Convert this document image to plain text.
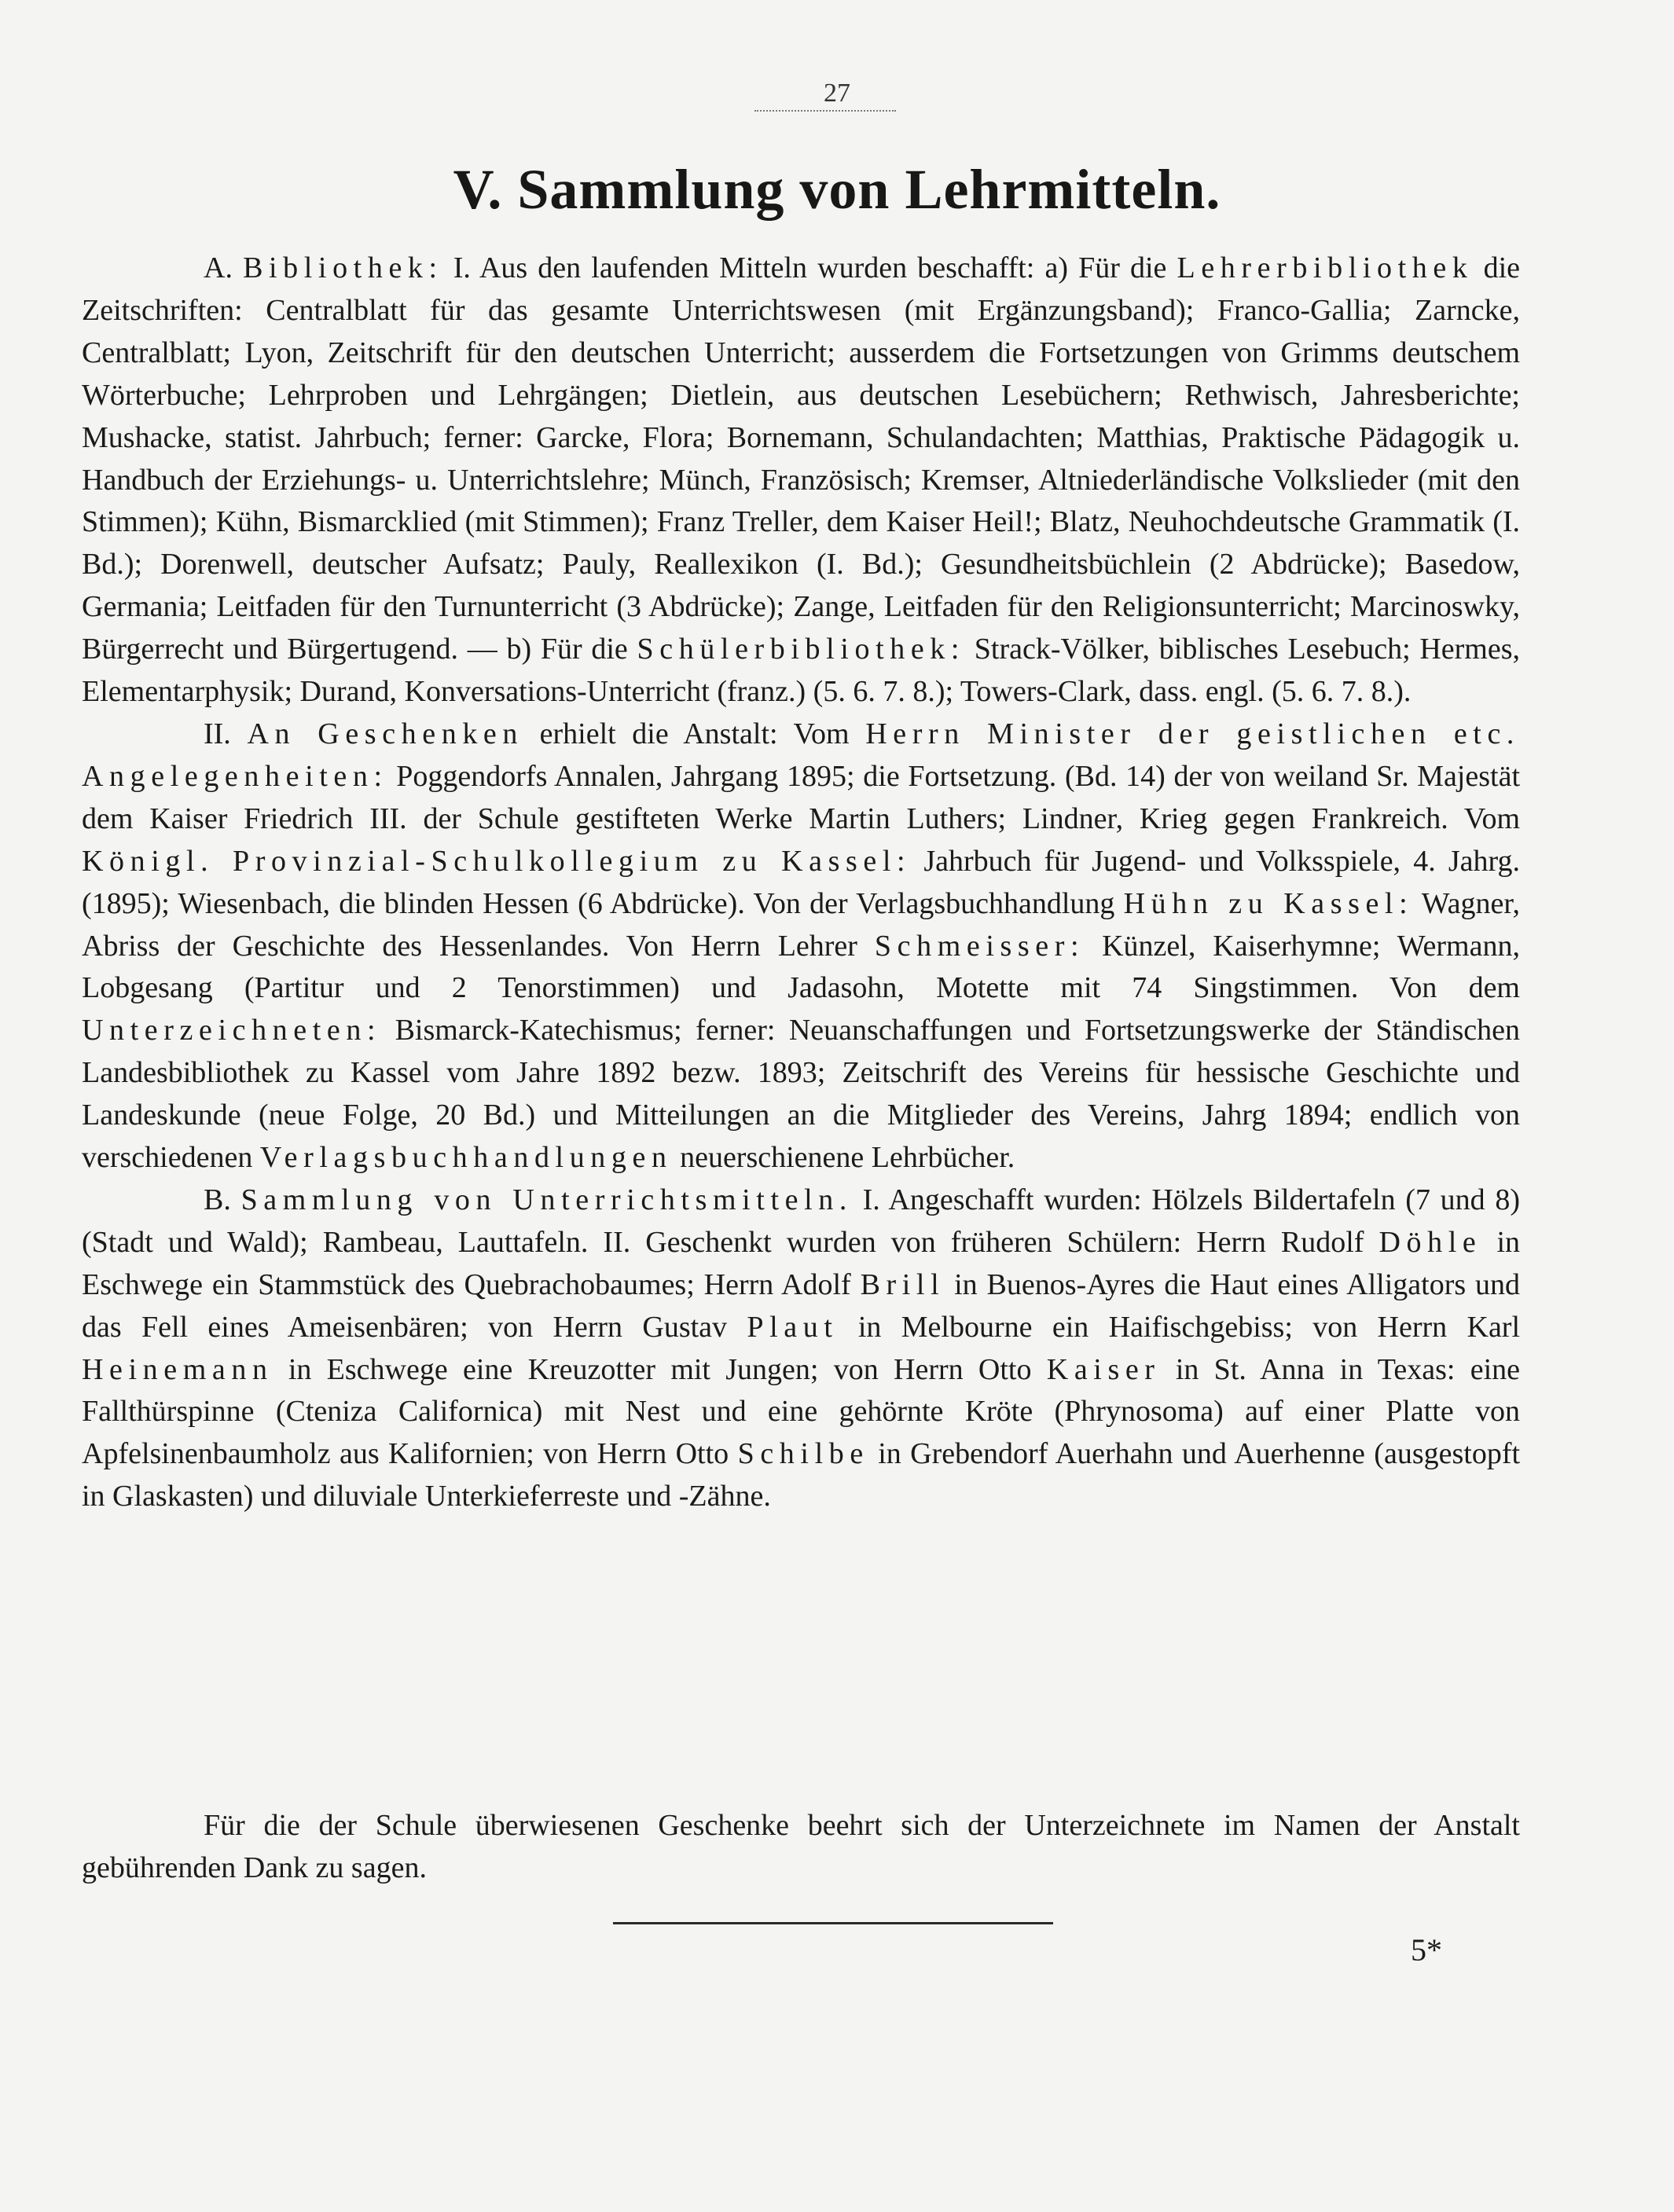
27
V. Sammlung von Lehrmitteln.

A. Bibliothek: I. Aus den laufenden Mitteln wurden beschafft: a) Für die Lehrerbibliothek die Zeitschriften: Centralblatt für das gesamte Unterrichtswesen (mit Ergänzungsband); Franco-Gallia; Zarncke, Centralblatt; Lyon, Zeitschrift für den deutschen Unterricht; ausserdem die Fortsetzungen von Grimms deutschem Wörterbuche; Lehrproben und Lehrgängen; Dietlein, aus deutschen Lesebüchern; Rethwisch, Jahresberichte; Mushacke, statist. Jahrbuch; ferner: Garcke, Flora; Bornemann, Schulandachten; Matthias, Praktische Pädagogik u. Handbuch der Erziehungs- u. Unterrichtslehre; Münch, Französisch; Kremser, Altniederländische Volkslieder (mit den Stimmen); Kühn, Bismarcklied (mit Stimmen); Franz Treller, dem Kaiser Heil!; Blatz, Neuhochdeutsche Grammatik (I. Bd.); Dorenwell, deutscher Aufsatz; Pauly, Reallexikon (I. Bd.); Gesundheitsbüchlein (2 Abdrücke); Basedow, Germania; Leitfaden für den Turnunterricht (3 Abdrücke); Zange, Leitfaden für den Religionsunterricht; Marcinoswky, Bürgerrecht und Bürgertugend. — b) Für die Schülerbibliothek: Strack-Völker, biblisches Lesebuch; Hermes, Elementarphysik; Durand, Konversations-Unterricht (franz.) (5. 6. 7. 8.); Towers-Clark, dass. engl. (5. 6. 7. 8.).

II. An Geschenken erhielt die Anstalt: Vom Herrn Minister der geistlichen etc. Angelegenheiten: Poggendorfs Annalen, Jahrgang 1895; die Fortsetzung. (Bd. 14) der von weiland Sr. Majestät dem Kaiser Friedrich III. der Schule gestifteten Werke Martin Luthers; Lindner, Krieg gegen Frankreich. Vom Königl. Provinzial-Schulkollegium zu Kassel: Jahrbuch für Jugend- und Volksspiele, 4. Jahrg. (1895); Wiesenbach, die blinden Hessen (6 Abdrücke). Von der Verlagsbuchhandlung Hühn zu Kassel: Wagner, Abriss der Geschichte des Hessenlandes. Von Herrn Lehrer Schmeisser: Künzel, Kaiserhymne; Wermann, Lobgesang (Partitur und 2 Tenorstimmen) und Jadasohn, Motette mit 74 Singstimmen. Von dem Unterzeichneten: Bismarck-Katechismus; ferner: Neuanschaffungen und Fortsetzungswerke der Ständischen Landesbibliothek zu Kassel vom Jahre 1892 bezw. 1893; Zeitschrift des Vereins für hessische Geschichte und Landeskunde (neue Folge, 20 Bd.) und Mitteilungen an die Mitglieder des Vereins, Jahrg 1894; endlich von verschiedenen Verlagsbuchhandlungen neuerschienene Lehrbücher.

B. Sammlung von Unterrichtsmitteln. I. Angeschafft wurden: Hölzels Bildertafeln (7 und 8) (Stadt und Wald); Rambeau, Lauttafeln. II. Geschenkt wurden von früheren Schülern: Herrn Rudolf Döhle in Eschwege ein Stammstück des Quebrachobaumes; Herrn Adolf Brill in Buenos-Ayres die Haut eines Alligators und das Fell eines Ameisenbären; von Herrn Gustav Plaut in Melbourne ein Haifischgebiss; von Herrn Karl Heinemann in Eschwege eine Kreuzotter mit Jungen; von Herrn Otto Kaiser in St. Anna in Texas: eine Fallthürspinne (Cteniza Californica) mit Nest und eine gehörnte Kröte (Phrynosoma) auf einer Platte von Apfelsinenbaumholz aus Kalifornien; von Herrn Otto Schilbe in Grebendorf Auerhahn und Auerhenne (ausgestopft in Glaskasten) und diluviale Unterkieferreste und -Zähne.

Für die der Schule überwiesenen Geschenke beehrt sich der Unterzeichnete im Namen der Anstalt gebührenden Dank zu sagen.

5*
